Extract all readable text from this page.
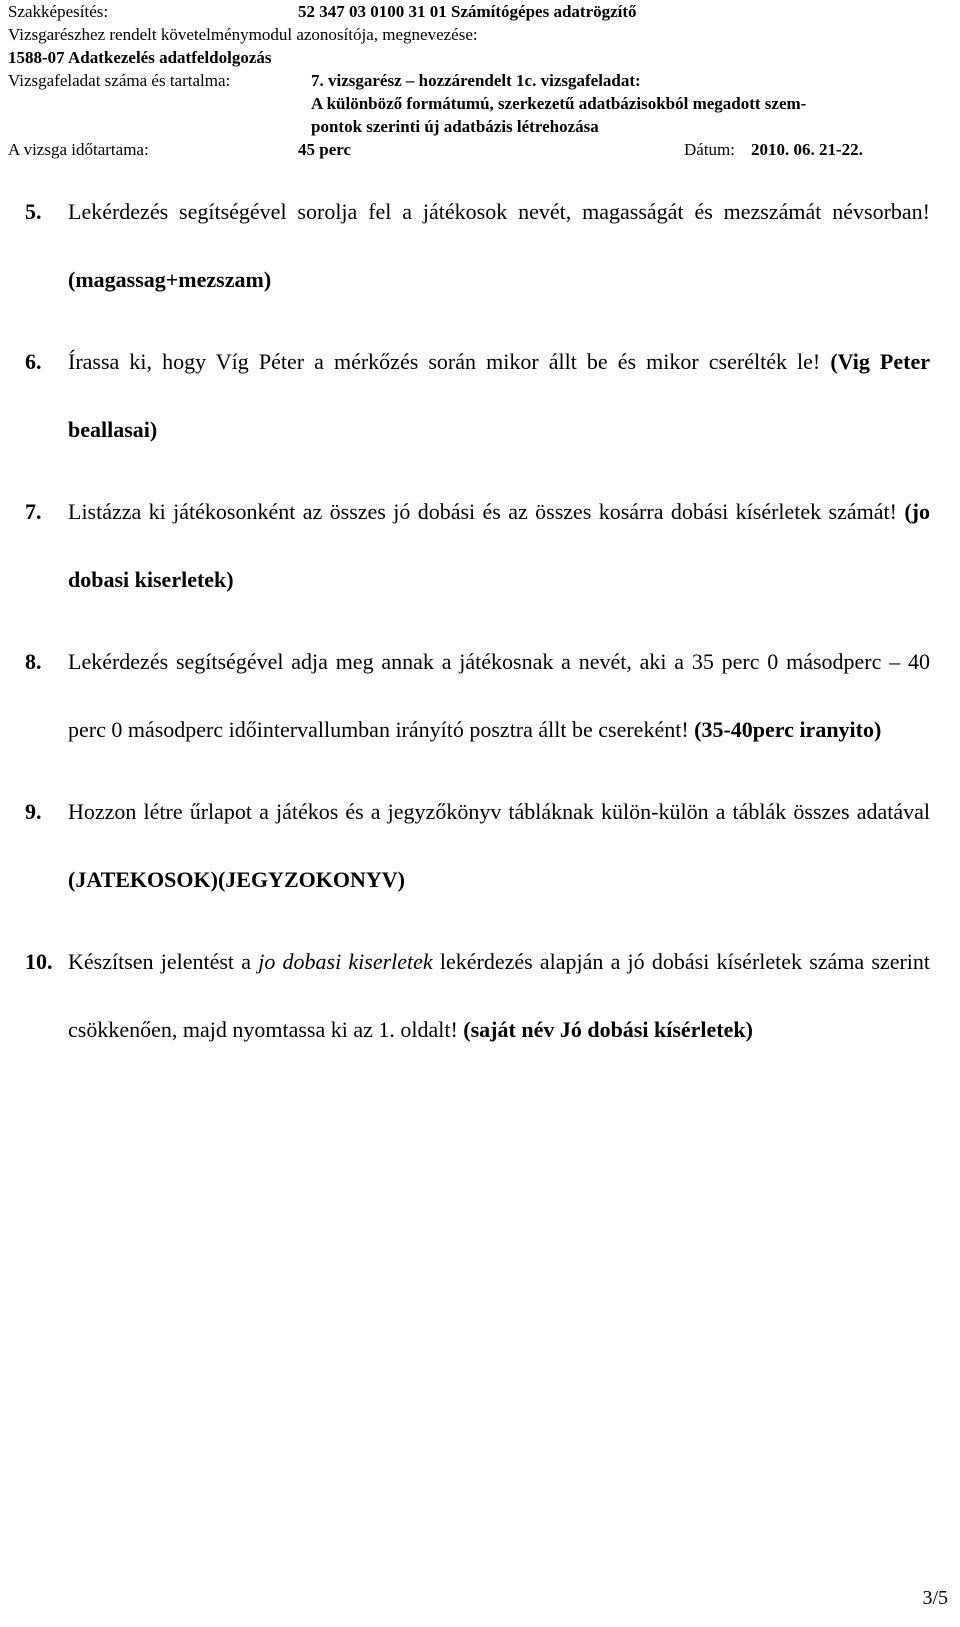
Szakképesítés:	52 347 03 0100 31 01 Számítógépes adatrögzítő
Vizsgarészhez rendelt követelménymodul azonosítója, megnevezése:
1588-07 Adatkezelés adatfeldolgozás
Vizsgafeladat száma és tartalma:	7. vizsgarész – hozzárendelt 1c. vizsgafeladat:
A különböző formátumú, szerkezetű adatbázisokból megadott szem-
pontok szerinti új adatbázis létrehozása
A vizsga időtartama:	45 perc	Dátum: 2010. 06. 21-22.
5. Lekérdezés segítségével sorolja fel a játékosok nevét, magasságát és mezszámát névsorban! (magassag+mezszam)
6. Írassa ki, hogy Víg Péter a mérkőzés során mikor állt be és mikor cserélték le! (Vig Peter beallasai)
7. Listázza ki játékosonként az összes jó dobási és az összes kosárra dobási kísérletek számát! (jo dobasi kiserletek)
8. Lekérdezés segítségével adja meg annak a játékosnak a nevét, aki a 35 perc 0 másodperc – 40 perc 0 másodperc időintervallumban irányító posztra állt be csereként! (35-40perc iranyito)
9. Hozzon létre űrlapot a játékos és a jegyzőkönyv tábláknak külön-külön a táblák összes adatával (JATEKOSOK)(JEGYZOKONYV)
10. Készítsen jelentést a jo dobasi kiserletek lekérdezés alapján a jó dobási kísérletek száma szerint csökkenően, majd nyomtassa ki az 1. oldalt! (saját név Jó dobási kísérletek)
3/5
